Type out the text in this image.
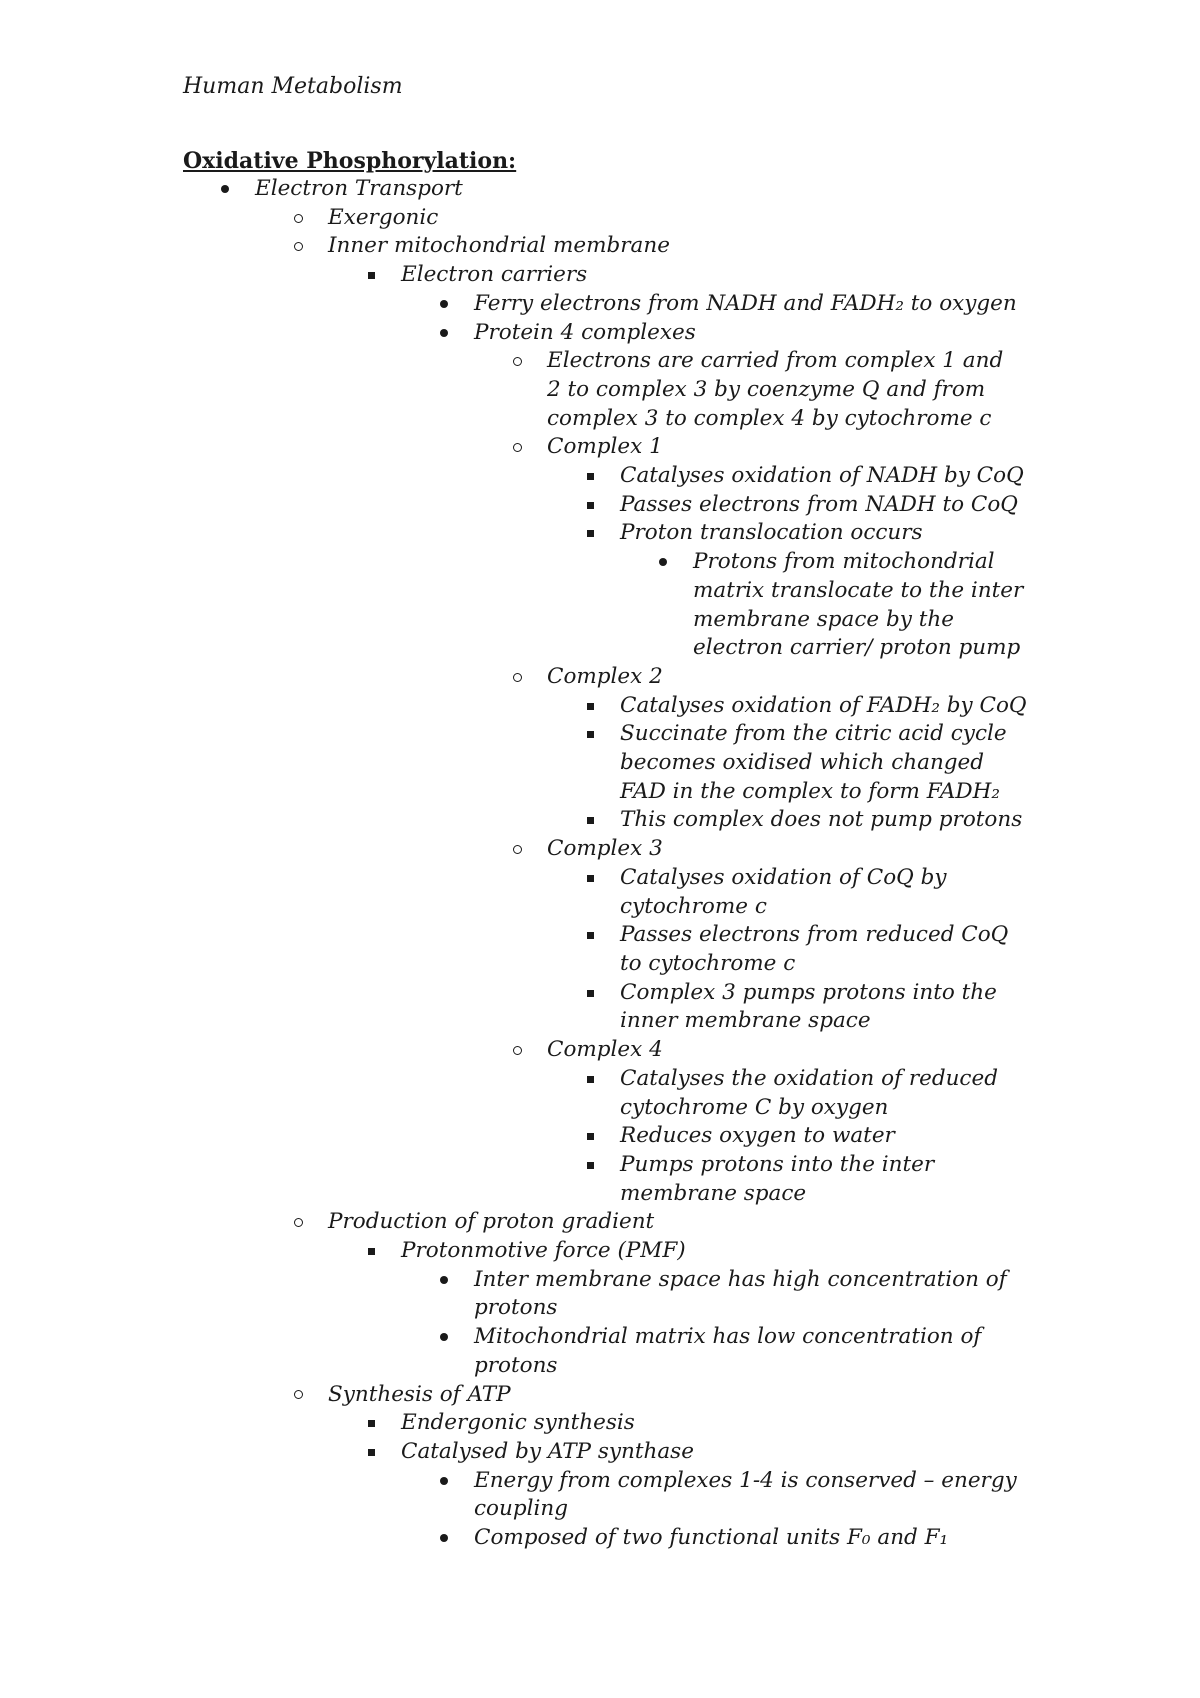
Human Metabolism
Oxidative Phosphorylation:
Electron Transport
Exergonic
Inner mitochondrial membrane
Electron carriers
Ferry electrons from NADH and FADH₂ to oxygen
Protein 4 complexes
Electrons are carried from complex 1 and 2 to complex 3 by coenzyme Q and from complex 3 to complex 4 by cytochrome c
Complex 1
Catalyses oxidation of NADH by CoQ
Passes electrons from NADH to CoQ
Proton translocation occurs
Protons from mitochondrial matrix translocate to the inter membrane space by the electron carrier/ proton pump
Complex 2
Catalyses oxidation of FADH₂ by CoQ
Succinate from the citric acid cycle becomes oxidised which changed FAD in the complex to form FADH₂
This complex does not pump protons
Complex 3
Catalyses oxidation of CoQ by cytochrome c
Passes electrons from reduced CoQ to cytochrome c
Complex 3 pumps protons into the inner membrane space
Complex 4
Catalyses the oxidation of reduced cytochrome C by oxygen
Reduces oxygen to water
Pumps protons into the inter membrane space
Production of proton gradient
Protonmotive force (PMF)
Inter membrane space has high concentration of protons
Mitochondrial matrix has low concentration of protons
Synthesis of ATP
Endergonic synthesis
Catalysed by ATP synthase
Energy from complexes 1-4 is conserved – energy coupling
Composed of two functional units F₀ and F₁
